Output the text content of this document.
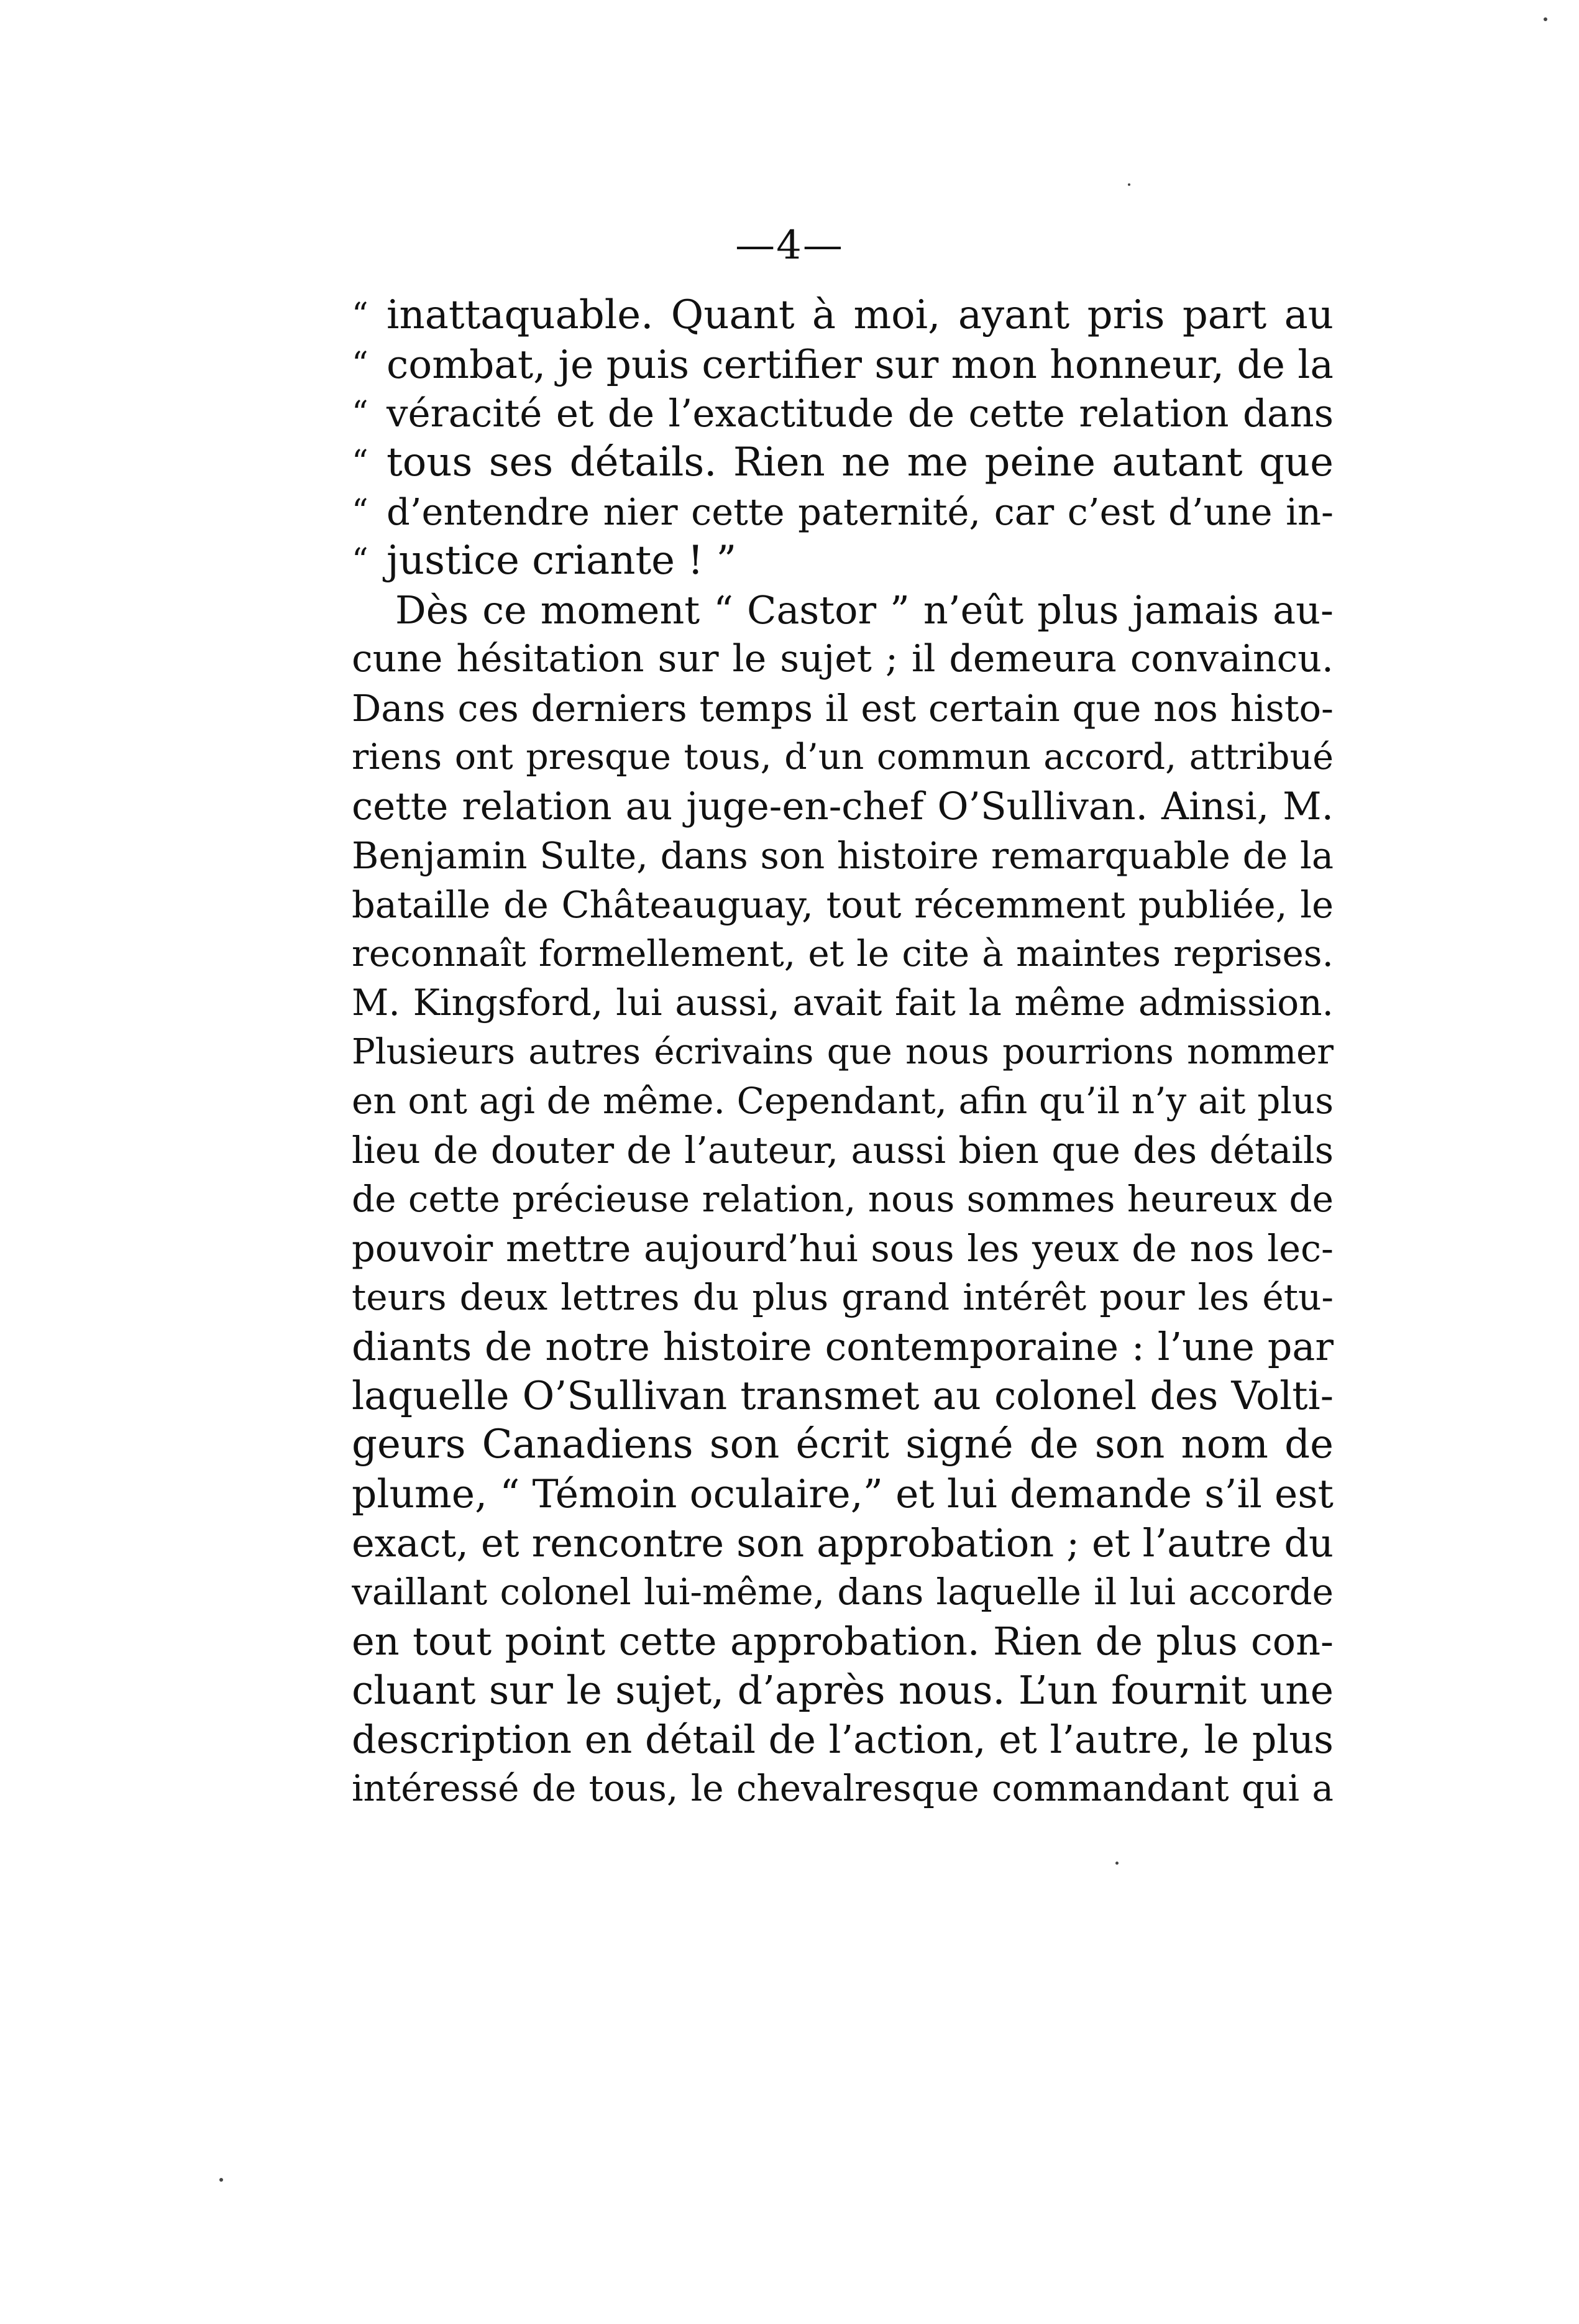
—4—
“ inattaquable. Quant à moi, ayant pris part au
“ combat, je puis certifier sur mon honneur, de la
“ véracité et de l’exactitude de cette relation dans
“ tous ses détails. Rien ne me peine autant que
“ d’entendre nier cette paternité, car c’est d’une in-
“ justice criante ! ”
Dès ce moment “ Castor ” n’eût plus jamais au-
cune hésitation sur le sujet ; il demeura convaincu.
Dans ces derniers temps il est certain que nos histo-
riens ont presque tous, d’un commun accord, attribué
cette relation au juge-en-chef O’Sullivan. Ainsi, M.
Benjamin Sulte, dans son histoire remarquable de la
bataille de Châteauguay, tout récemment publiée, le
reconnaît formellement, et le cite à maintes reprises.
M. Kingsford, lui aussi, avait fait la même admission.
Plusieurs autres écrivains que nous pourrions nommer
en ont agi de même. Cependant, afin qu’il n’y ait plus
lieu de douter de l’auteur, aussi bien que des détails
de cette précieuse relation, nous sommes heureux de
pouvoir mettre aujourd’hui sous les yeux de nos lec-
teurs deux lettres du plus grand intérêt pour les étu-
diants de notre histoire contemporaine : l’une par
laquelle O’Sullivan transmet au colonel des Volti-
geurs Canadiens son écrit signé de son nom de
plume, “ Témoin oculaire,” et lui demande s’il est
exact, et rencontre son approbation ; et l’autre du
vaillant colonel lui-même, dans laquelle il lui accorde
en tout point cette approbation. Rien de plus con-
cluant sur le sujet, d’après nous. L’un fournit une
description en détail de l’action, et l’autre, le plus
intéressé de tous, le chevalresque commandant qui a
